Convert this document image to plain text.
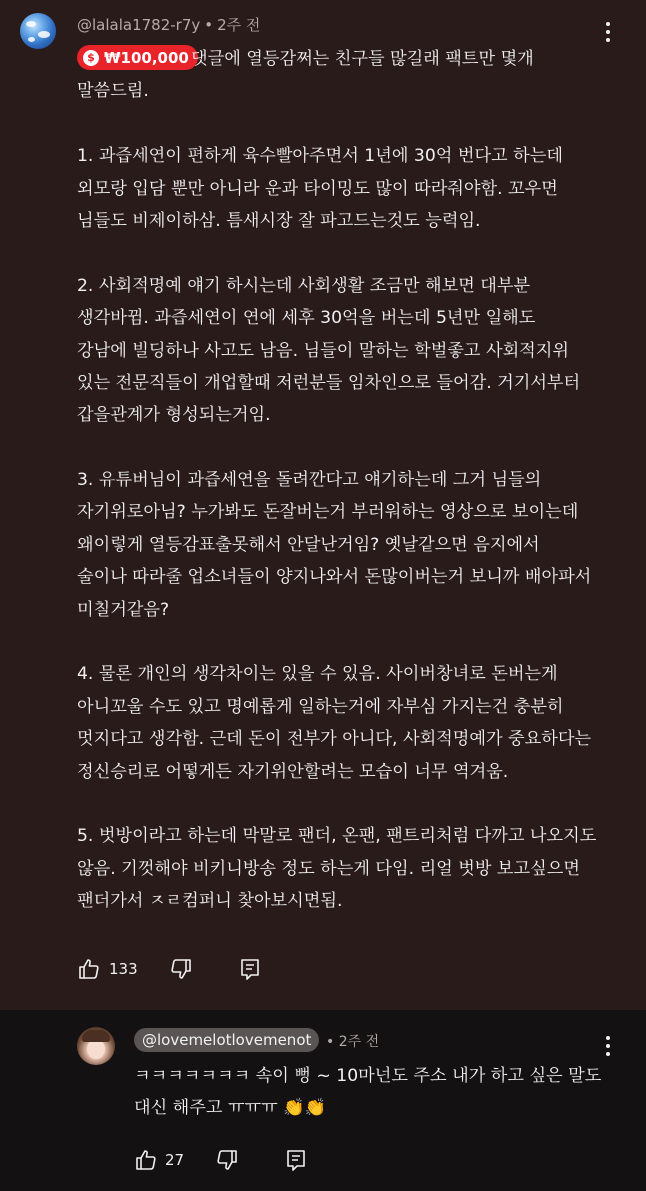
@lalala1782-r7y • 2주 전
$ ₩100,000 댓글에 열등감쩌는 친구들 많길래 팩트만 몇개
말씀드림.

1. 과즙세연이 편하게 육수빨아주면서 1년에 30억 번다고 하는데
외모랑 입담 뿐만 아니라 운과 타이밍도 많이 따라줘야함. 꼬우면
님들도 비제이하삼. 틈새시장 잘 파고드는것도 능력임.

2. 사회적명예 얘기 하시는데 사회생활 조금만 해보면 대부분
생각바뀜. 과즙세연이 연에 세후 30억을 버는데 5년만 일해도
강남에 빌딩하나 사고도 남음. 님들이 말하는 학벌좋고 사회적지위
있는 전문직들이 개업할때 저런분들 임차인으로 들어감. 거기서부터
갑을관계가 형성되는거임.

3. 유튜버님이 과즙세연을 돌려깐다고 얘기하는데 그거 님들의
자기위로아님? 누가봐도 돈잘버는거 부러워하는 영상으로 보이는데
왜이렇게 열등감표출못해서 안달난거임? 옛날같으면 음지에서
술이나 따라줄 업소녀들이 양지나와서 돈많이버는거 보니까 배아파서
미칠거같음?

4. 물론 개인의 생각차이는 있을 수 있음. 사이버창녀로 돈버는게
아니꼬울 수도 있고 명예롭게 일하는거에 자부심 가지는건 충분히
멋지다고 생각함. 근데 돈이 전부가 아니다, 사회적명예가 중요하다는
정신승리로 어떻게든 자기위안할려는 모습이 너무 역겨움.

5. 벗방이라고 하는데 막말로 팬더, 온팬, 팬트리처럼 다까고 나오지도
않음. 기껏해야 비키니방송 정도 하는게 다임. 리얼 벗방 보고싶으면
팬더가서 ㅈㄹ컴퍼니 찾아보시면됨.
133
@lovemelotlovemenot • 2주 전
ㅋㅋㅋㅋㅋㅋㅋ 속이 뻥 ~ 10마넌도 주소 내가 하고 싶은 말도
대신 해주고 ㅠㅠㅠ 👏👏
27
